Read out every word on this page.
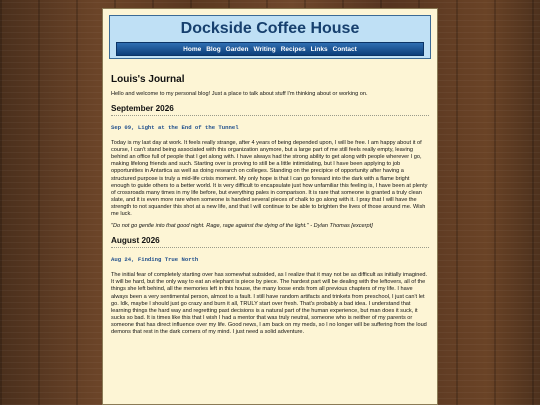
Dockside Coffee House
Home Blog Garden Writing Recipes Links Contact
Louis's Journal

Hello and welcome to my personal blog! Just a place to talk about stuff I'm thinking about or working on.

September 2026
Sep 09, Light at the End of the Tunnel

Today is my last day at work. It feels really strange, after 4 years of being depended upon, I will be free. I am happy about it of course, I can't stand being associated with this organization anymore, but a large part of me still feels really empty, leaving behind an office full of people that I get along with. I have always had the strong ability to get along with people wherever I go, making lifelong friends and such. Starting over is proving to still be a little intimidating, but I have been applying to job opportunities in Antartica as well as doing research on colleges. Standing on the precipice of opportunity after having a structured purpose is truly a mid-life crisis moment. My only hope is that I can go forward into the dark with a flame bright enough to guide others to a better world. It is very difficult to encapsulate just how unfamiliar this feeling is, I have been at plenty of crossroads many times in my life before, but everything pales in comparison. It is rare that someone is granted a truly clean slate, and it is even more rare when someone is handed several pieces of chalk to go along with it. I pray that I will have the strength to not squander this shot at a new life, and that I will continue to be able to brighten the lives of those around me. Wish me luck.

"Do not go gentle into that good night. Rage, rage against the dying of the light." - Dylan Thomas [excerpt]

August 2026
Aug 24, Finding True North

The initial fear of completely starting over has somewhat subsided, as I realize that it may not be as difficult as initially imagined. It will be hard, but the only way to eat an elephant is piece by piece. The hardest part will be dealing with the leftovers, all of the things she left behind, all the memories left in this house, the many loose ends from all previous chapters of my life. I have always been a very sentimental person, almost to a fault. I still have random artifacts and trinkets from preschool, I just can't let go. Idk, maybe I should just go crazy and burn it all, TRULY start over fresh. That's probably a bad idea. I understand that learning things the hard way and regretting past decisions is a natural part of the human experience, but man does it suck, it sucks so bad. It is times like this that I wish I had a mentor that was truly neutral, someone who is neither of my parents or someone that has direct influence over my life. Good news, I am back on my meds, so I no longer will be suffering from the loud demons that rest in the dark corners of my mind. I just need a solid adventure.
